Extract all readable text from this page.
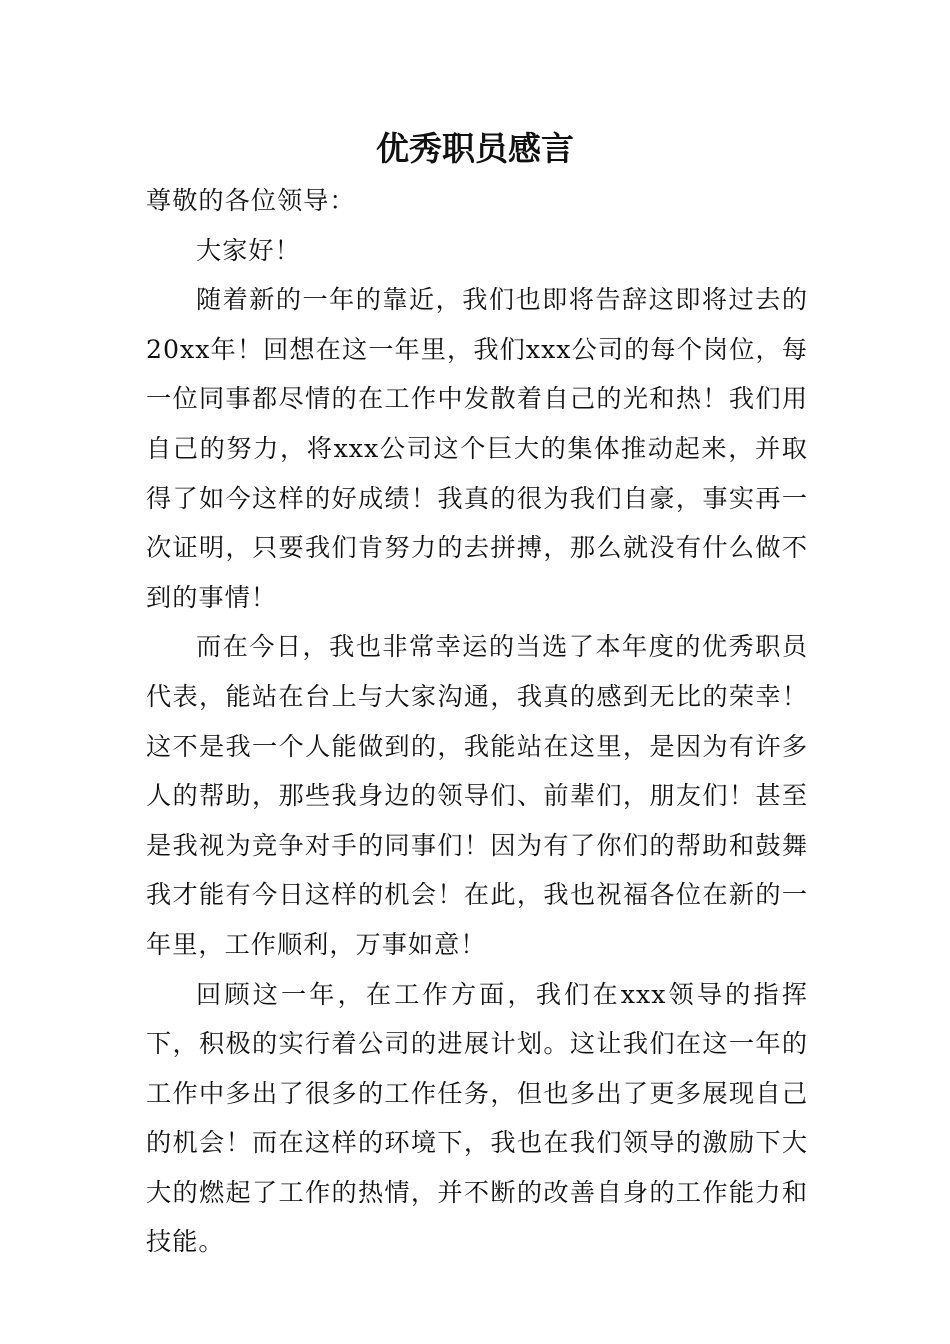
优秀职员感言

尊敬的各位领导：

大家好！

随着新的一年的靠近，我们也即将告辞这即将过去的20xx年！回想在这一年里，我们xxx公司的每个岗位，每一位同事都尽情的在工作中发散着自己的光和热！我们用自己的努力，将xxx公司这个巨大的集体推动起来，并取得了如今这样的好成绩！我真的很为我们自豪，事实再一次证明，只要我们肯努力的去拼搏，那么就没有什么做不到的事情！

而在今日，我也非常幸运的当选了本年度的优秀职员代表，能站在台上与大家沟通，我真的感到无比的荣幸！这不是我一个人能做到的，我能站在这里，是因为有许多人的帮助，那些我身边的领导们、前辈们，朋友们！甚至是我视为竞争对手的同事们！因为有了你们的帮助和鼓舞我才能有今日这样的机会！在此，我也祝福各位在新的一年里，工作顺利，万事如意！

回顾这一年，在工作方面，我们在xxx领导的指挥下，积极的实行着公司的进展计划。这让我们在这一年的工作中多出了很多的工作任务，但也多出了更多展现自己的机会！而在这样的环境下，我也在我们领导的激励下大大的燃起了工作的热情，并不断的改善自身的工作能力和技能。
